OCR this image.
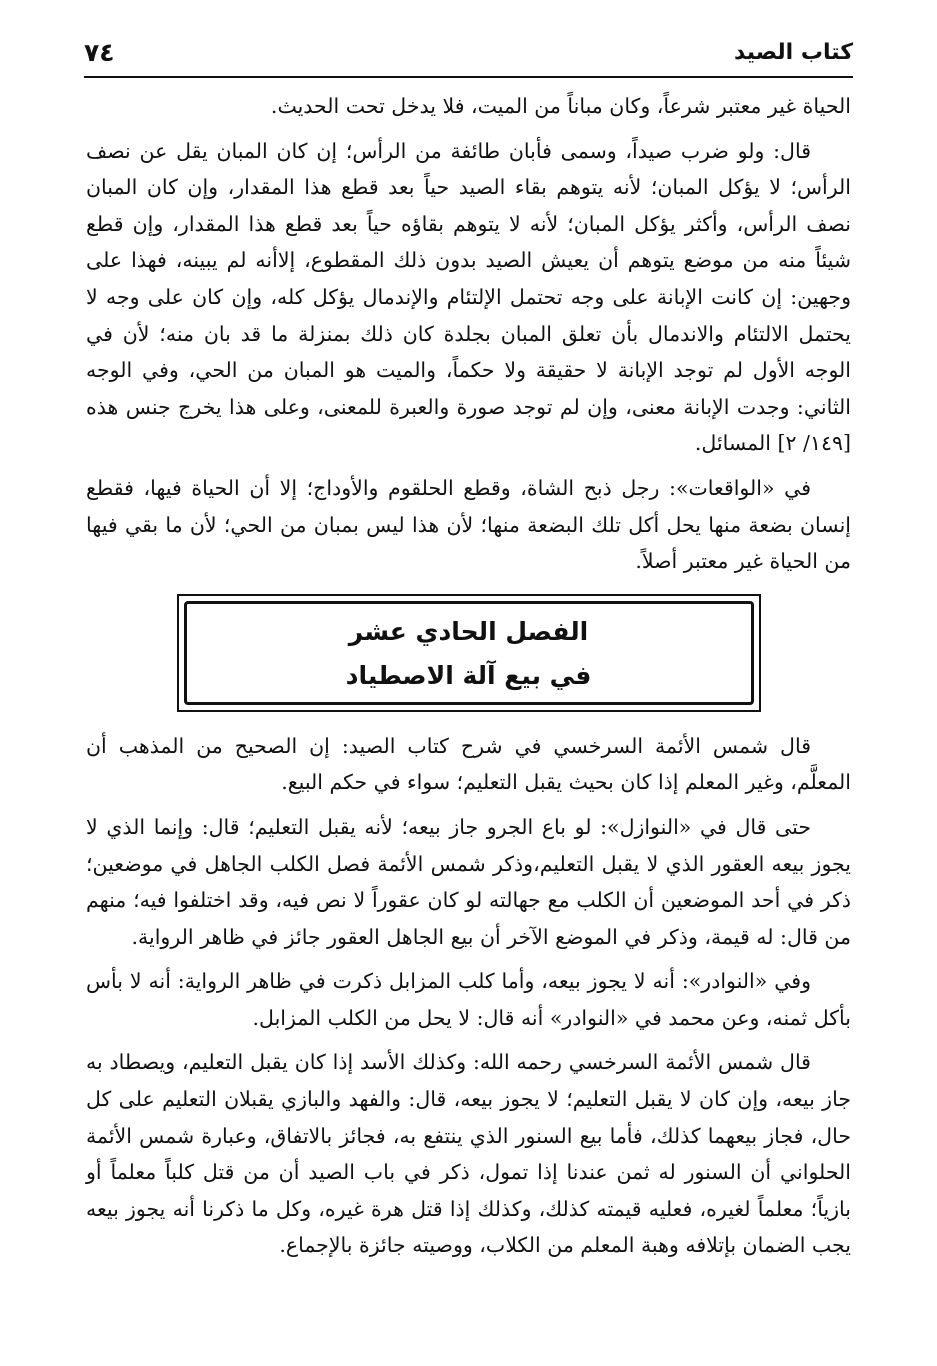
كتاب الصيد
٧٤

الحياة غير معتبر شرعاً، وكان مباناً من الميت، فلا يدخل تحت الحديث.

قال: ولو ضرب صيداً، وسمى فأبان طائفة من الرأس؛ إن كان المبان يقل عن نصف الرأس؛ لا يؤكل المبان؛ لأنه يتوهم بقاء الصيد حياً بعد قطع هذا المقدار، وإن كان المبان نصف الرأس، وأكثر يؤكل المبان؛ لأنه لا يتوهم بقاؤه حياً بعد قطع هذا المقدار، وإن قطع شيئاً منه من موضع يتوهم أن يعيش الصيد بدون ذلك المقطوع، إلاأنه لم يبينه، فهذا على وجهين: إن كانت الإبانة على وجه تحتمل الإلتئام والإندمال يؤكل كله، وإن كان على وجه لا يحتمل الالتئام والاندمال بأن تعلق المبان بجلدة كان ذلك بمنزلة ما قد بان منه؛ لأن في الوجه الأول لم توجد الإبانة لا حقيقة ولا حكماً، والميت هو المبان من الحي، وفي الوجه الثاني: وجدت الإبانة معنى، وإن لم توجد صورة والعبرة للمعنى، وعلى هذا يخرج جنس هذه [١٤٩/ ٢] المسائل.

في «الواقعات»: رجل ذبح الشاة، وقطع الحلقوم والأوداج؛ إلا أن الحياة فيها، فقطع إنسان بضعة منها يحل أكل تلك البضعة منها؛ لأن هذا ليس بمبان من الحي؛ لأن ما بقي فيها من الحياة غير معتبر أصلاً.

الفصل الحادي عشر
في بيع آلة الاصطياد

قال شمس الأئمة السرخسي في شرح كتاب الصيد: إن الصحيح من المذهب أن المعلَّم، وغير المعلم إذا كان بحيث يقبل التعليم؛ سواء في حكم البيع.

حتى قال في «النوازل»: لو باع الجرو جاز بيعه؛ لأنه يقبل التعليم؛ قال: وإنما الذي لا يجوز بيعه العقور الذي لا يقبل التعليم،وذكر شمس الأئمة فصل الكلب الجاهل في موضعين؛ ذكر في أحد الموضعين أن الكلب مع جهالته لو كان عقوراً لا نص فيه، وقد اختلفوا فيه؛ منهم من قال: له قيمة، وذكر في الموضع الآخر أن بيع الجاهل العقور جائز في ظاهر الرواية.

وفي «النوادر»: أنه لا يجوز بيعه، وأما كلب المزابل ذكرت في ظاهر الرواية: أنه لا بأس بأكل ثمنه، وعن محمد في «النوادر» أنه قال: لا يحل من الكلب المزابل.

قال شمس الأئمة السرخسي رحمه الله: وكذلك الأسد إذا كان يقبل التعليم، ويصطاد به جاز بيعه، وإن كان لا يقبل التعليم؛ لا يجوز بيعه، قال: والفهد والبازي يقبلان التعليم على كل حال، فجاز بيعهما كذلك، فأما بيع السنور الذي ينتفع به، فجائز بالاتفاق، وعبارة شمس الأئمة الحلواني أن السنور له ثمن عندنا إذا تمول، ذكر في باب الصيد أن من قتل كلباً معلماً أو بازياً؛ معلماً لغيره، فعليه قيمته كذلك، وكذلك إذا قتل هرة غيره، وكل ما ذكرنا أنه يجوز بيعه يجب الضمان بإتلافه وهبة المعلم من الكلاب، ووصيته جائزة بالإجماع.
